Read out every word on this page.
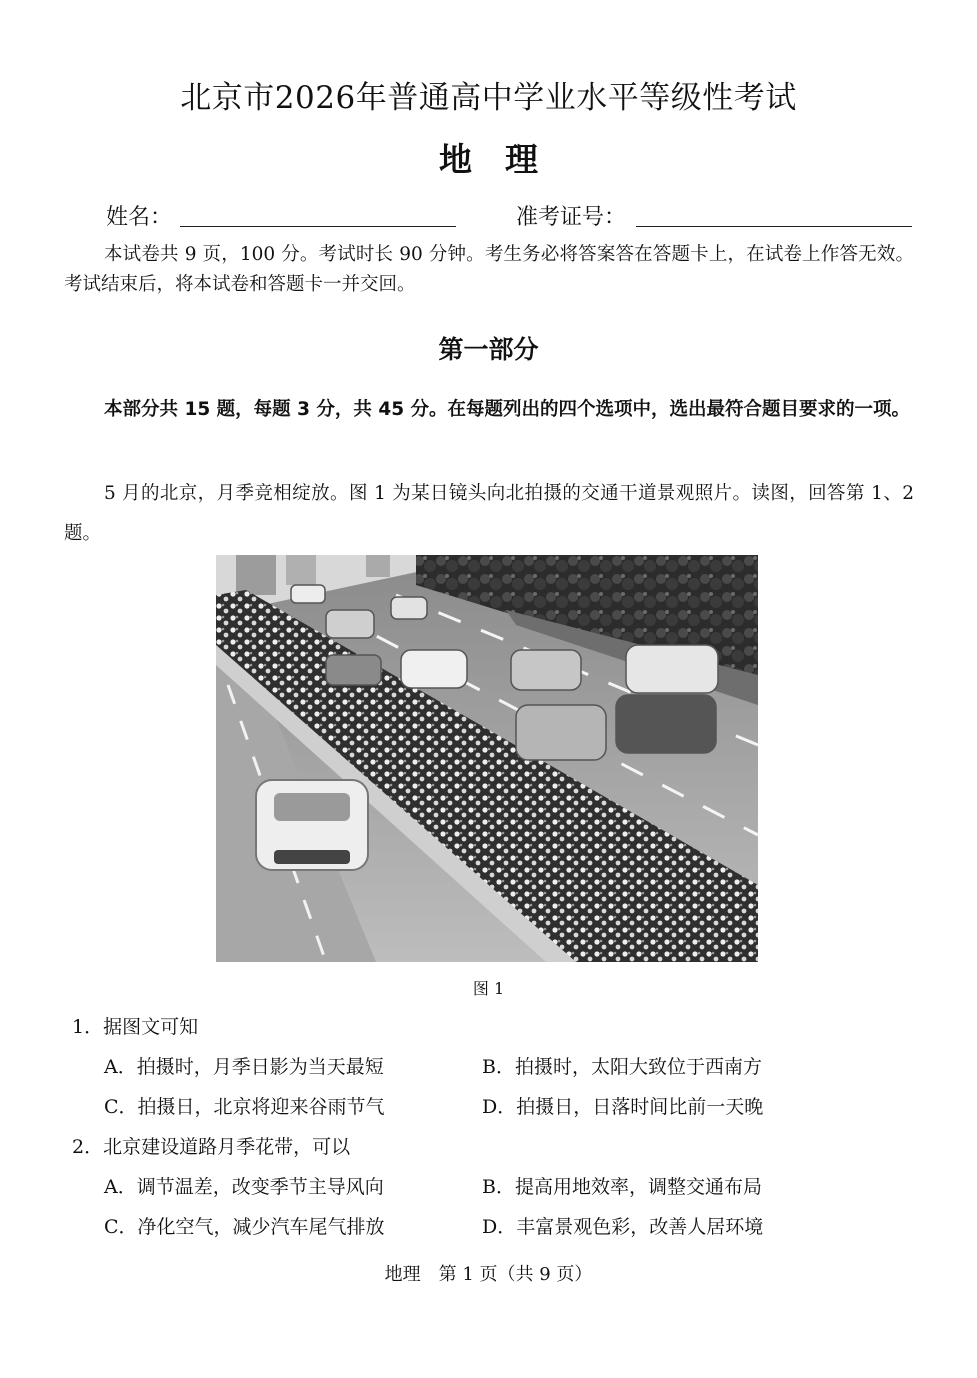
北京市2026年普通高中学业水平等级性考试
地　理
姓名：	准考证号：
本试卷共 9 页，100 分。考试时长 90 分钟。考生务必将答案答在答题卡上，在试卷上作答无效。考试结束后，将本试卷和答题卡一并交回。
第一部分
本部分共 15 题，每题 3 分，共 45 分。在每题列出的四个选项中，选出最符合题目要求的一项。
5 月的北京，月季竞相绽放。图 1 为某日镜头向北拍摄的交通干道景观照片。读图，回答第 1、2 题。
图 1
1．据图文可知
A．拍摄时，月季日影为当天最短	B．拍摄时，太阳大致位于西南方
C．拍摄日，北京将迎来谷雨节气	D．拍摄日，日落时间比前一天晚
2．北京建设道路月季花带，可以
A．调节温差，改变季节主导风向	B．提高用地效率，调整交通布局
C．净化空气，减少汽车尾气排放	D．丰富景观色彩，改善人居环境
地理　第 1 页（共 9 页）
